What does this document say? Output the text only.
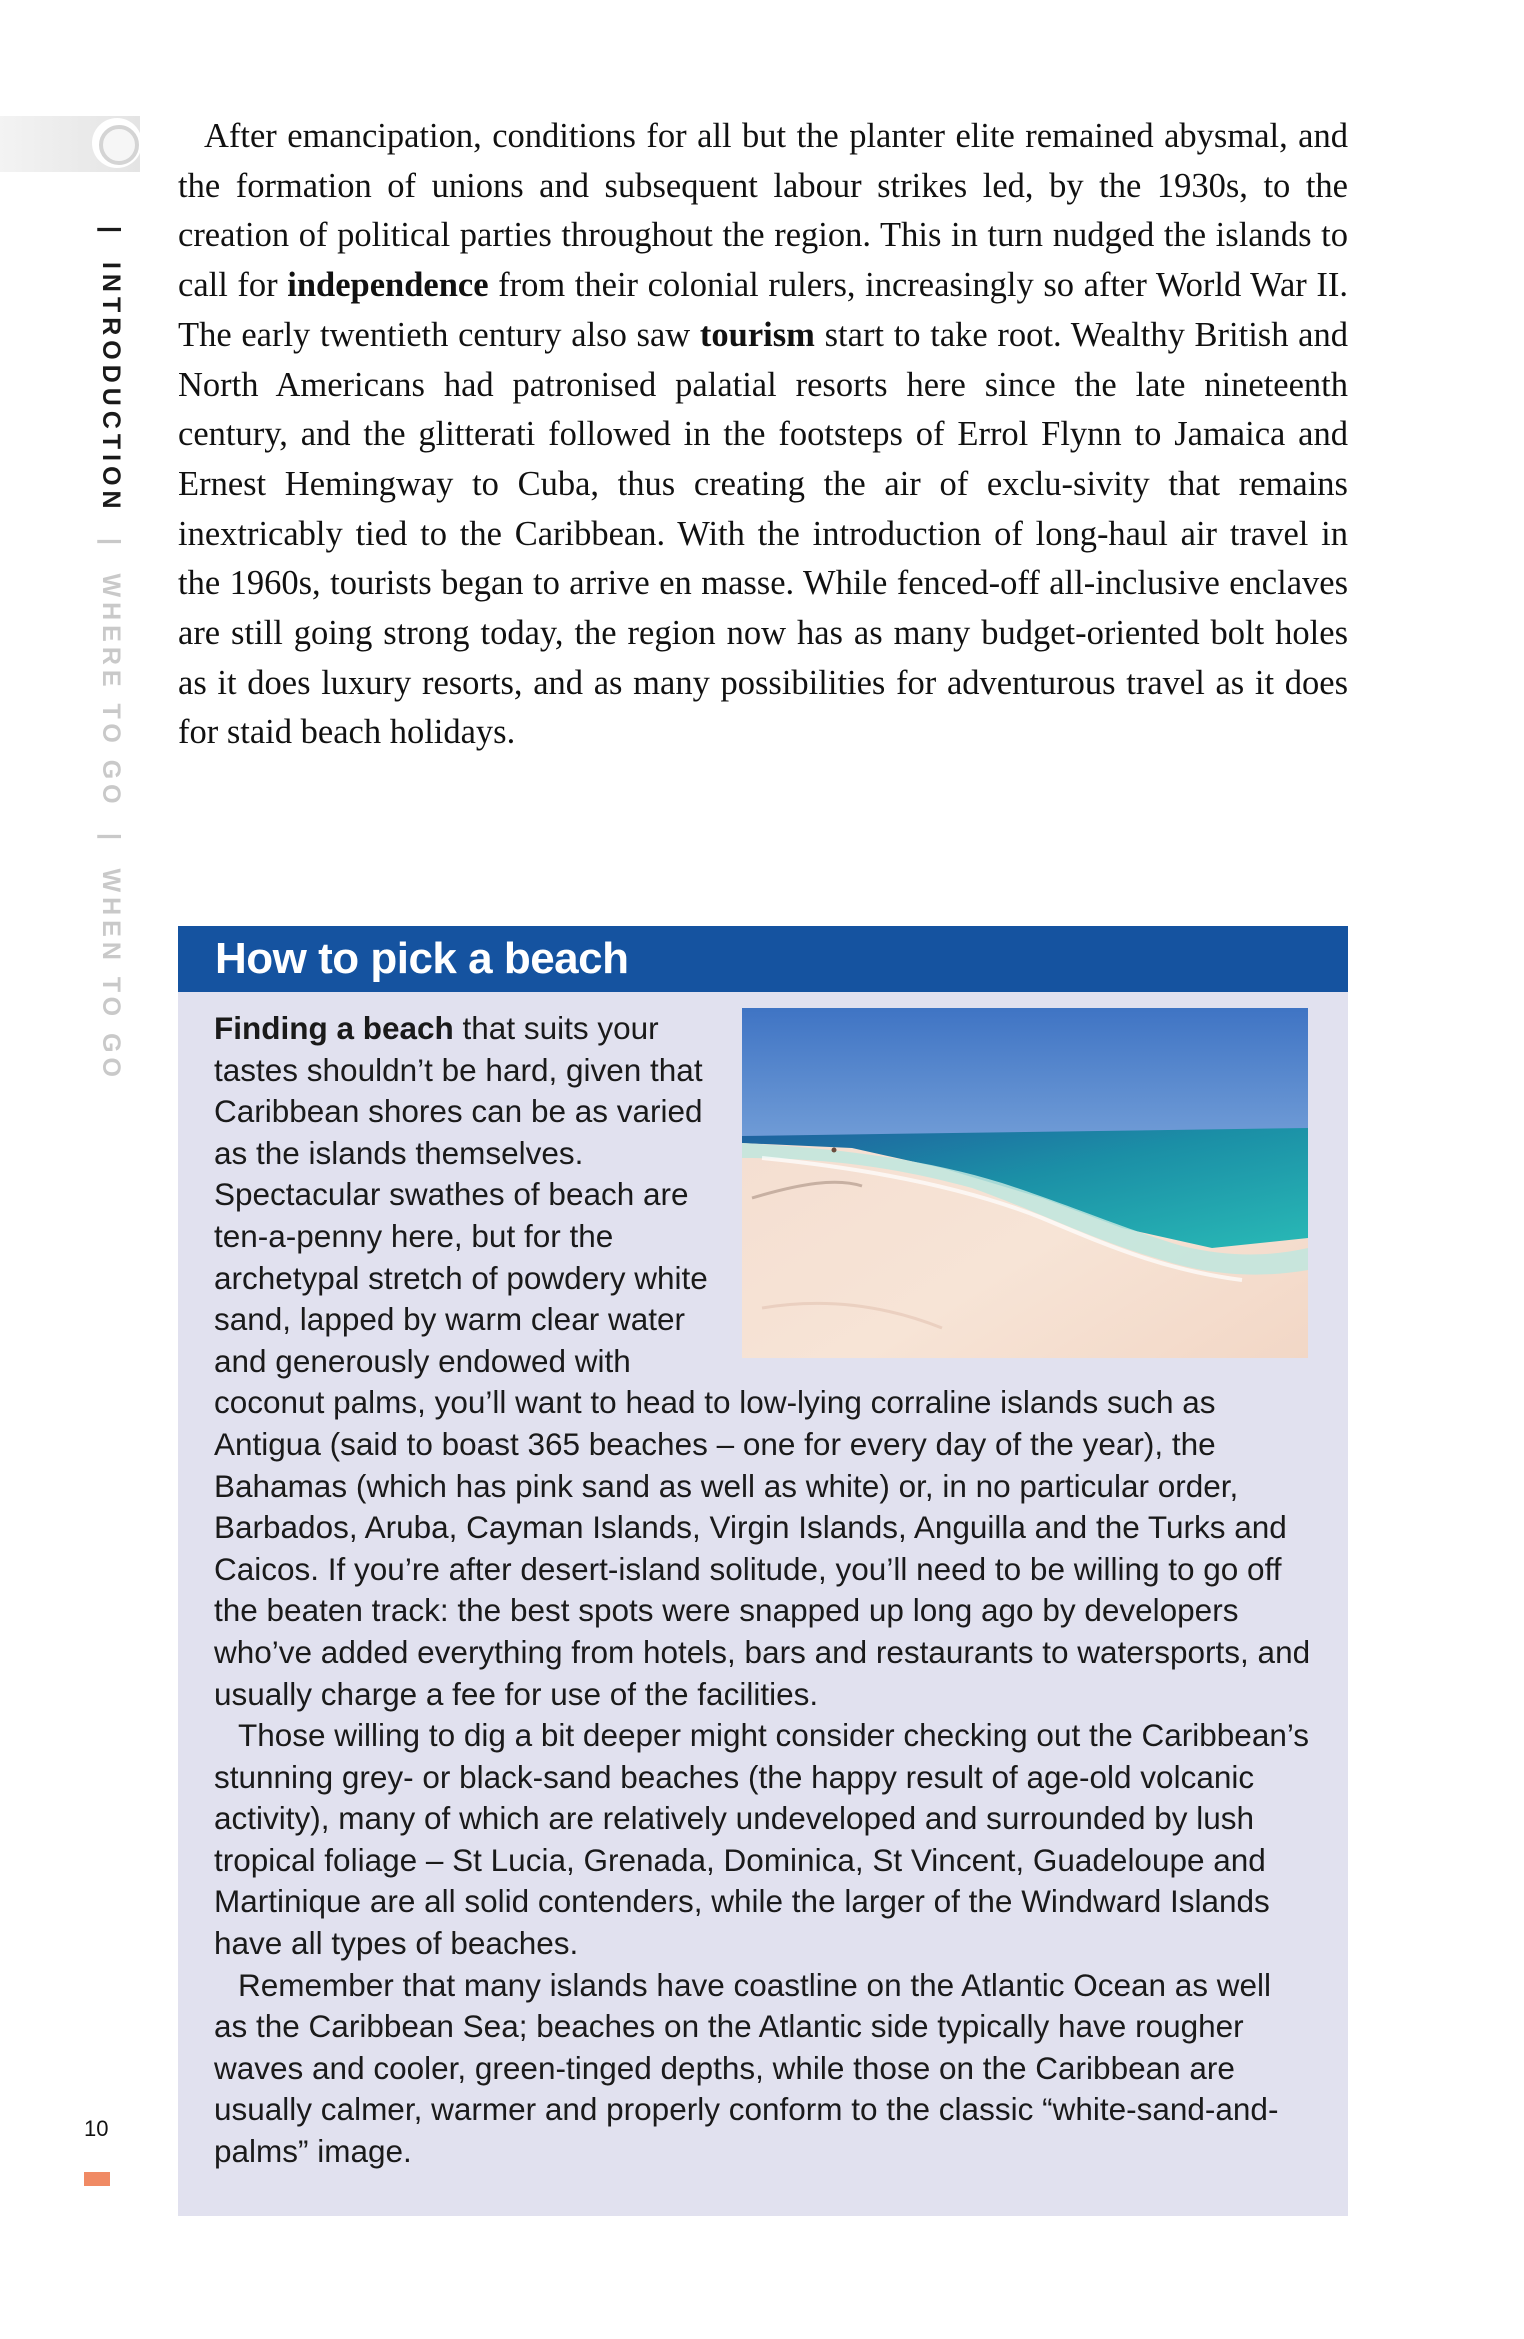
| INTRODUCTION | WHERE TO GO | WHEN TO GO

After emancipation, conditions for all but the planter elite remained abysmal, and the formation of unions and subsequent labour strikes led, by the 1930s, to the creation of political parties throughout the region. This in turn nudged the islands to call for independence from their colonial rulers, increasingly so after World War II. The early twentieth century also saw tourism start to take root. Wealthy British and North Americans had patronised palatial resorts here since the late nineteenth century, and the glitterati followed in the footsteps of Errol Flynn to Jamaica and Ernest Hemingway to Cuba, thus creating the air of exclu-sivity that remains inextricably tied to the Caribbean. With the introduction of long-haul air travel in the 1960s, tourists began to arrive en masse. While fenced-off all-inclusive enclaves are still going strong today, the region now has as many budget-oriented bolt holes as it does luxury resorts, and as many possibilities for adventurous travel as it does for staid beach holidays.

How to pick a beach

Finding a beach that suits your tastes shouldn’t be hard, given that Caribbean shores can be as varied as the islands themselves. Spectacular swathes of beach are ten-a-penny here, but for the archetypal stretch of powdery white sand, lapped by warm clear water and generously endowed with coconut palms, you’ll want to head to low-lying corraline islands such as Antigua (said to boast 365 beaches – one for every day of the year), the Bahamas (which has pink sand as well as white) or, in no particular order, Barbados, Aruba, Cayman Islands, Virgin Islands, Anguilla and the Turks and Caicos. If you’re after desert-island solitude, you’ll need to be willing to go off the beaten track: the best spots were snapped up long ago by developers who’ve added everything from hotels, bars and restaurants to watersports, and usually charge a fee for use of the facilities.

Those willing to dig a bit deeper might consider checking out the Caribbean’s stunning grey- or black-sand beaches (the happy result of age-old volcanic activity), many of which are relatively undeveloped and surrounded by lush tropical foliage – St Lucia, Grenada, Dominica, St Vincent, Guadeloupe and Martinique are all solid contenders, while the larger of the Windward Islands have all types of beaches.

Remember that many islands have coastline on the Atlantic Ocean as well as the Caribbean Sea; beaches on the Atlantic side typically have rougher waves and cooler, green-tinged depths, while those on the Caribbean are usually calmer, warmer and properly conform to the classic “white-sand-and-palms” image.

10
